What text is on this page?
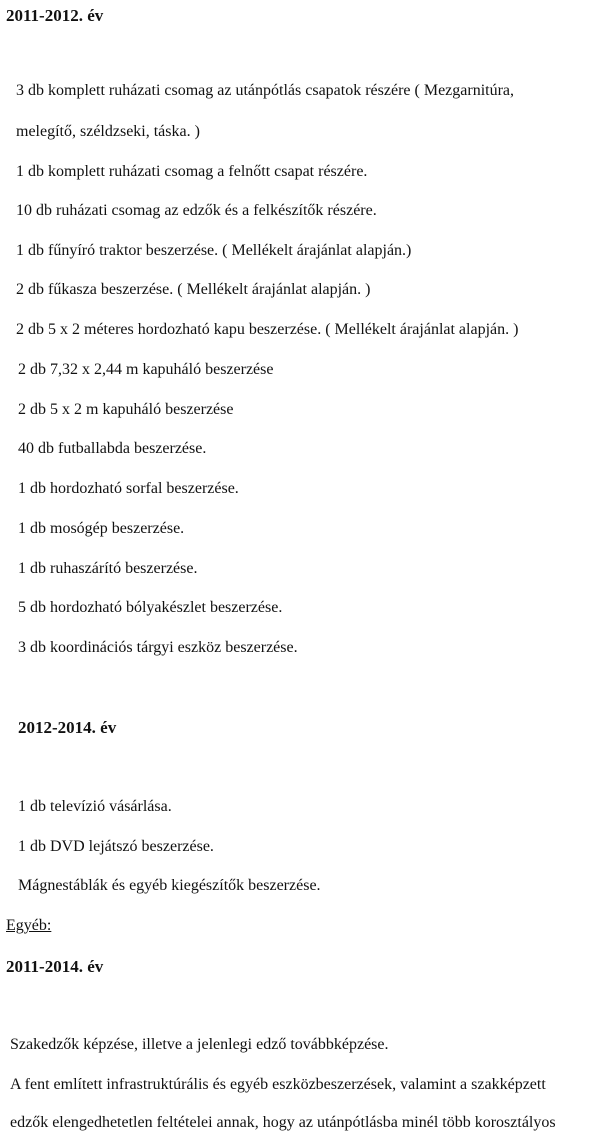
2011-2012. év
3 db komplett ruházati csomag az utánpótlás csapatok részére ( Mezgarnitúra,
melegítő, széldzseki, táska. )
1 db komplett ruházati csomag a felnőtt csapat részére.
10 db ruházati csomag az edzők és a felkészítők részére.
1 db fűnyíró traktor beszerzése. ( Mellékelt árajánlat alapján.)
2 db fűkasza beszerzése. ( Mellékelt árajánlat alapján. )
2 db 5 x 2 méteres hordozható kapu beszerzése. ( Mellékelt árajánlat alapján. )
2 db 7,32 x 2,44 m kapuháló beszerzése
2 db 5 x 2 m kapuháló beszerzése
40 db futballabda beszerzése.
1 db hordozható sorfal beszerzése.
1 db mosógép beszerzése.
1 db ruhaszárító beszerzése.
5 db hordozható bólyakészlet beszerzése.
3 db koordinációs tárgyi eszköz beszerzése.
2012-2014. év
1 db televízió vásárlása.
1 db DVD lejátszó beszerzése.
Mágnestáblák és egyéb kiegészítők beszerzése.
Egyéb:
2011-2014. év
Szakedzők képzése, illetve a jelenlegi edző továbbképzése.
A fent említett infrastruktúrális és egyéb eszközbeszerzések, valamint a szakképzett
edzők elengedhetetlen feltételei annak, hogy az utánpótlásba minél több korosztályos
